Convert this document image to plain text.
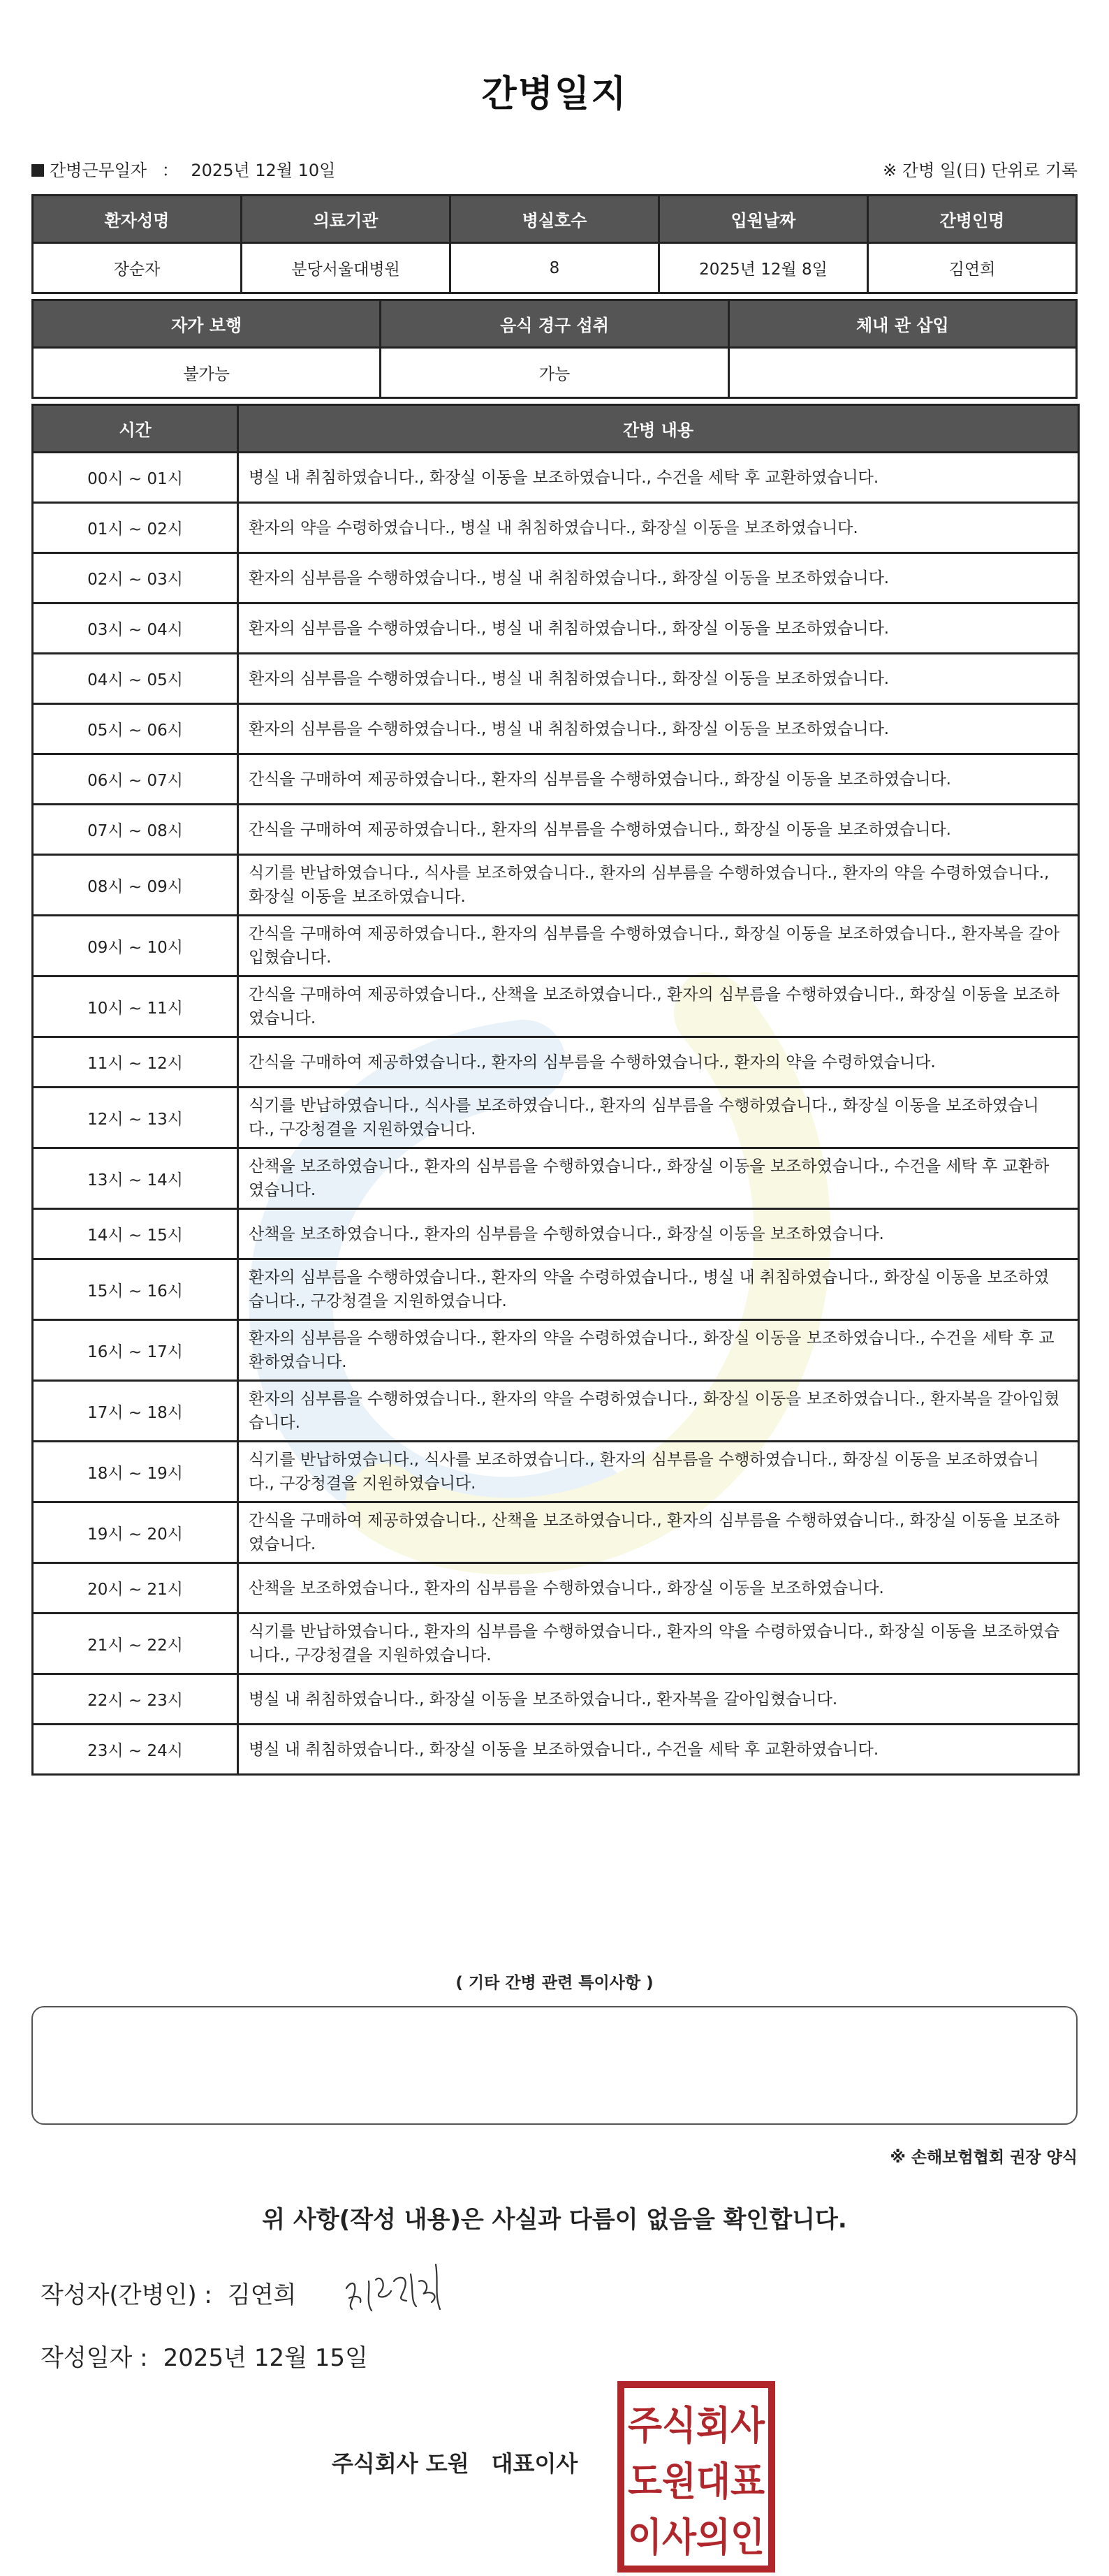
간병일지
간병근무일자 ： 2025년 12월 10일	※ 간병 일(日) 단위로 기록
환자성명	의료기관	병실호수	입원날짜	간병인명
장순자	분당서울대병원	8	2025년 12월 8일	김연희
자가 보행	음식 경구 섭취	체내 관 삽입
불가능	가능	
시간	간병 내용
00시 ~ 01시	병실 내 취침하였습니다., 화장실 이동을 보조하였습니다., 수건을 세탁 후 교환하였습니다.
01시 ~ 02시	환자의 약을 수령하였습니다., 병실 내 취침하였습니다., 화장실 이동을 보조하였습니다.
02시 ~ 03시	환자의 심부름을 수행하였습니다., 병실 내 취침하였습니다., 화장실 이동을 보조하였습니다.
03시 ~ 04시	환자의 심부름을 수행하였습니다., 병실 내 취침하였습니다., 화장실 이동을 보조하였습니다.
04시 ~ 05시	환자의 심부름을 수행하였습니다., 병실 내 취침하였습니다., 화장실 이동을 보조하였습니다.
05시 ~ 06시	환자의 심부름을 수행하였습니다., 병실 내 취침하였습니다., 화장실 이동을 보조하였습니다.
06시 ~ 07시	간식을 구매하여 제공하였습니다., 환자의 심부름을 수행하였습니다., 화장실 이동을 보조하였습니다.
07시 ~ 08시	간식을 구매하여 제공하였습니다., 환자의 심부름을 수행하였습니다., 화장실 이동을 보조하였습니다.
08시 ~ 09시	식기를 반납하였습니다., 식사를 보조하였습니다., 환자의 심부름을 수행하였습니다., 환자의 약을 수령하였습니다., 화장실 이동을 보조하였습니다.
09시 ~ 10시	간식을 구매하여 제공하였습니다., 환자의 심부름을 수행하였습니다., 화장실 이동을 보조하였습니다., 환자복을 갈아입혔습니다.
10시 ~ 11시	간식을 구매하여 제공하였습니다., 산책을 보조하였습니다., 환자의 심부름을 수행하였습니다., 화장실 이동을 보조하였습니다.
11시 ~ 12시	간식을 구매하여 제공하였습니다., 환자의 심부름을 수행하였습니다., 환자의 약을 수령하였습니다.
12시 ~ 13시	식기를 반납하였습니다., 식사를 보조하였습니다., 환자의 심부름을 수행하였습니다., 화장실 이동을 보조하였습니다., 구강청결을 지원하였습니다.
13시 ~ 14시	산책을 보조하였습니다., 환자의 심부름을 수행하였습니다., 화장실 이동을 보조하였습니다., 수건을 세탁 후 교환하였습니다.
14시 ~ 15시	산책을 보조하였습니다., 환자의 심부름을 수행하였습니다., 화장실 이동을 보조하였습니다.
15시 ~ 16시	환자의 심부름을 수행하였습니다., 환자의 약을 수령하였습니다., 병실 내 취침하였습니다., 화장실 이동을 보조하였습니다., 구강청결을 지원하였습니다.
16시 ~ 17시	환자의 심부름을 수행하였습니다., 환자의 약을 수령하였습니다., 화장실 이동을 보조하였습니다., 수건을 세탁 후 교환하였습니다.
17시 ~ 18시	환자의 심부름을 수행하였습니다., 환자의 약을 수령하였습니다., 화장실 이동을 보조하였습니다., 환자복을 갈아입혔습니다.
18시 ~ 19시	식기를 반납하였습니다., 식사를 보조하였습니다., 환자의 심부름을 수행하였습니다., 화장실 이동을 보조하였습니다., 구강청결을 지원하였습니다.
19시 ~ 20시	간식을 구매하여 제공하였습니다., 산책을 보조하였습니다., 환자의 심부름을 수행하였습니다., 화장실 이동을 보조하였습니다.
20시 ~ 21시	산책을 보조하였습니다., 환자의 심부름을 수행하였습니다., 화장실 이동을 보조하였습니다.
21시 ~ 22시	식기를 반납하였습니다., 환자의 심부름을 수행하였습니다., 환자의 약을 수령하였습니다., 화장실 이동을 보조하였습니다., 구강청결을 지원하였습니다.
22시 ~ 23시	병실 내 취침하였습니다., 화장실 이동을 보조하였습니다., 환자복을 갈아입혔습니다.
23시 ~ 24시	병실 내 취침하였습니다., 화장실 이동을 보조하였습니다., 수건을 세탁 후 교환하였습니다.
( 기타 간병 관련 특이사항 )
※ 손해보험협회 권장 양식
위 사항(작성 내용)은 사실과 다름이 없음을 확인합니다.
작성자(간병인) : 김연희
작성일자 : 2025년 12월 15일
주식회사 도원 대표이사
주식회사
도원대표
이사의인
